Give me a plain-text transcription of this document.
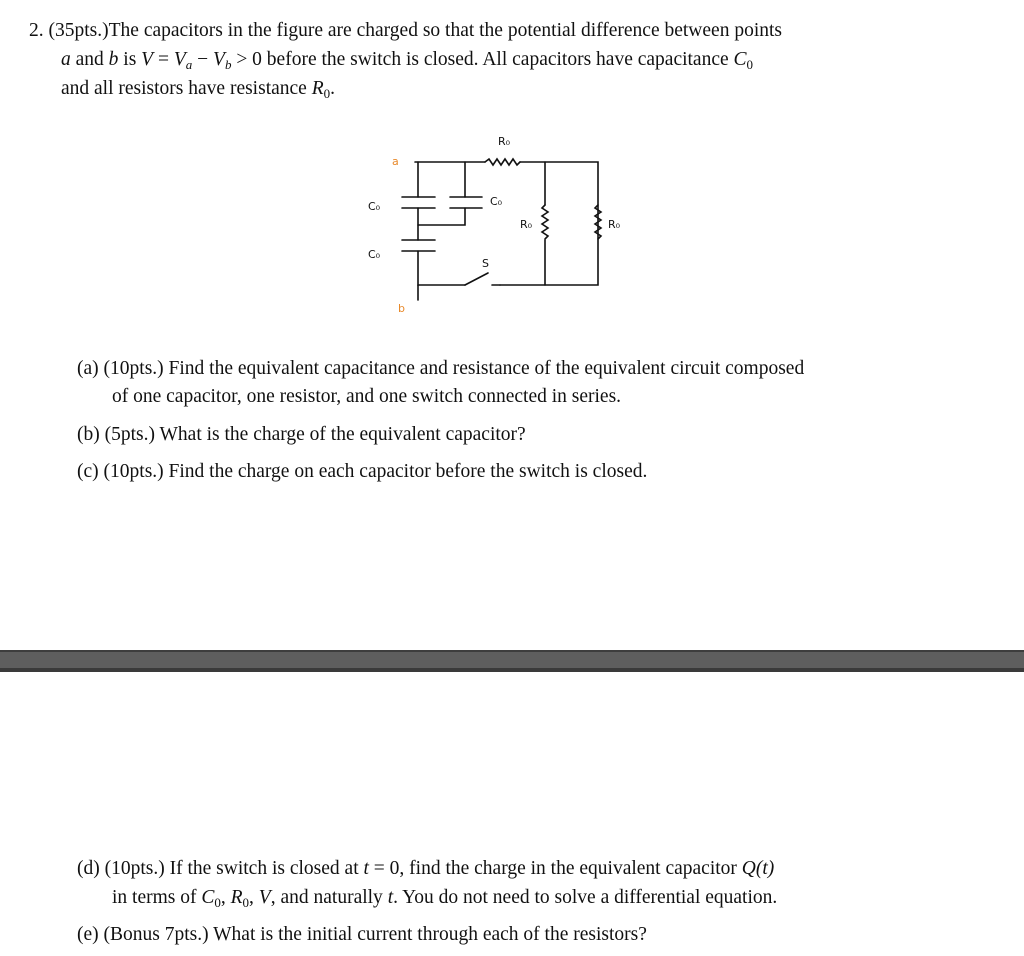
2. (35pts.)The capacitors in the figure are charged so that the potential difference between points
a and b is $V = V_a - V_b > 0$ before the switch is closed. All capacitors have capacitance $C_0$
and all resistors have resistance $R_0$.
a
b
R₀
C₀	C₀
C₀
R₀	R₀
S
(a) (10pts.) Find the equivalent capacitance and resistance of the equivalent circuit composed
of one capacitor, one resistor, and one switch connected in series.
(b) (5pts.) What is the charge of the equivalent capacitor?
(c) (10pts.) Find the charge on each capacitor before the switch is closed.
(d) (10pts.) If the switch is closed at t = 0, find the charge in the equivalent capacitor Q(t)
in terms of $C_0$, $R_0$, V, and naturally t. You do not need to solve a differential equation.
(e) (Bonus 7pts.) What is the initial current through each of the resistors?
